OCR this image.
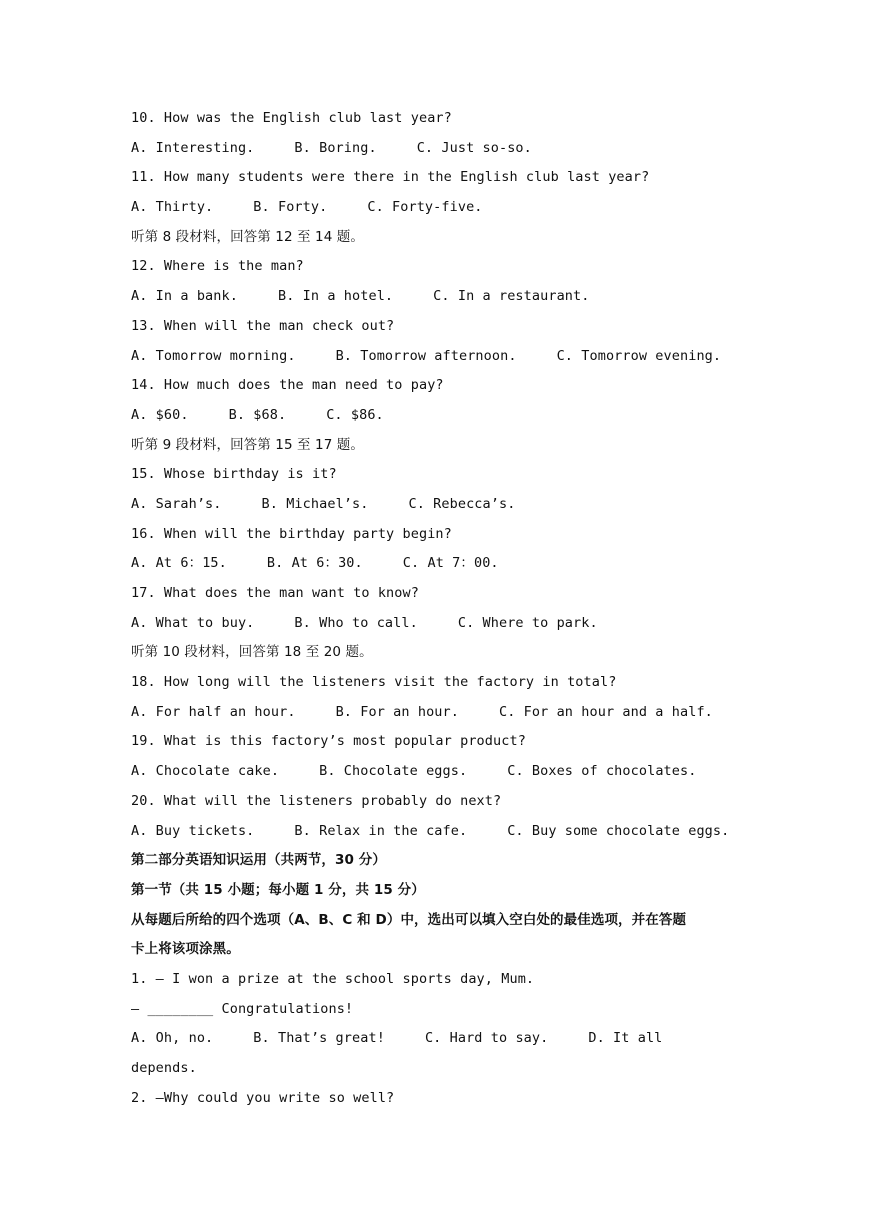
10. How was the English club last year?
A. Interesting.	B. Boring.	C. Just so-so.
11. How many students were there in the English club last year?
A. Thirty.	B. Forty.	C. Forty-five.
听第 8 段材料，回答第 12 至 14 题。
12. Where is the man?
A. In a bank.	B. In a hotel.	C. In a restaurant.
13. When will the man check out?
A. Tomorrow morning.	B. Tomorrow afternoon.	C. Tomorrow evening.
14. How much does the man need to pay?
A. $60.	B. $68.	C. $86.
听第 9 段材料，回答第 15 至 17 题。
15. Whose birthday is it?
A. Sarah’s.	B. Michael’s.	C. Rebecca’s.
16. When will the birthday party begin?
A. At 6：15.	B. At 6：30.	C. At 7：00.
17. What does the man want to know?
A. What to buy.	B. Who to call.	C. Where to park.
听第 10 段材料，回答第 18 至 20 题。
18. How long will the listeners visit the factory in total?
A. For half an hour.	B. For an hour.	C. For an hour and a half.
19. What is this factory’s most popular product?
A. Chocolate cake.	B. Chocolate eggs.	C. Boxes of chocolates.
20. What will the listeners probably do next?
A. Buy tickets.	B. Relax in the cafe.	C. Buy some chocolate eggs.
第二部分英语知识运用（共两节，30 分）
第一节（共 15 小题；每小题 1 分，共 15 分）
从每题后所给的四个选项（A、B、C 和 D）中，选出可以填入空白处的最佳选项，并在答题
卡上将该项涂黑。
1. — I won a prize at the school sports day, Mum.
— ________ Congratulations!
A. Oh, no.	B. That’s great!	C. Hard to say.	D. It all
depends.
2. —Why could you write so well?
